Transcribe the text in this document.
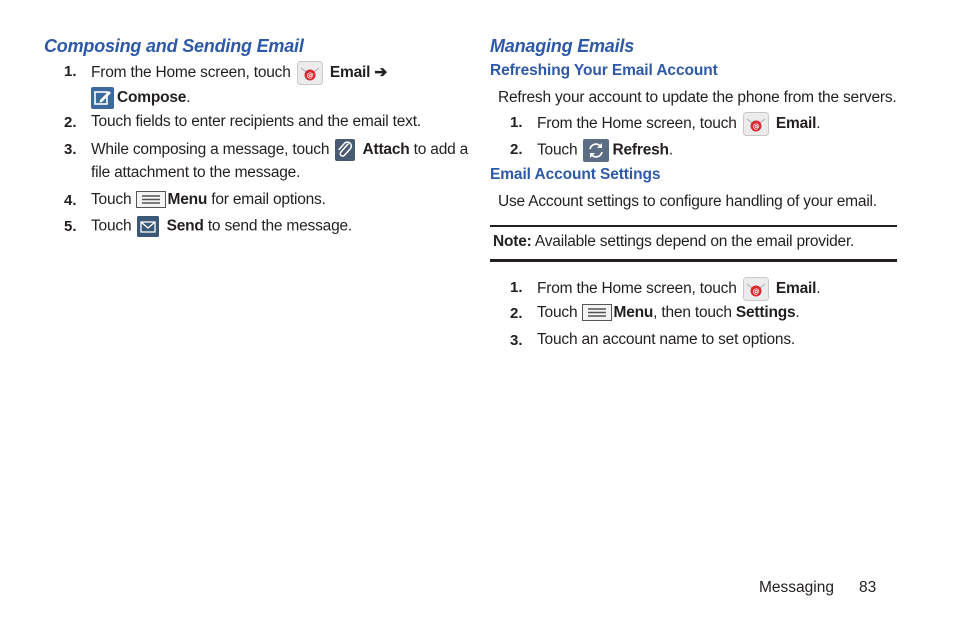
Composing and Sending Email
1. From the Home screen, touch @ Email ➔
Compose.
2. Touch fields to enter recipients and the email text.
3. While composing a message, touch Attach to add a
file attachment to the message.
4. Touch Menu for email options.
5. Touch Send to send the message.
Managing Emails
Refreshing Your Email Account
Refresh your account to update the phone from the servers.
1. From the Home screen, touch @ Email.
2. Touch Refresh.
Email Account Settings
Use Account settings to configure handling of your email.
Note: Available settings depend on the email provider.
1. From the Home screen, touch @ Email.
2. Touch Menu, then touch Settings.
3. Touch an account name to set options.
Messaging 83
